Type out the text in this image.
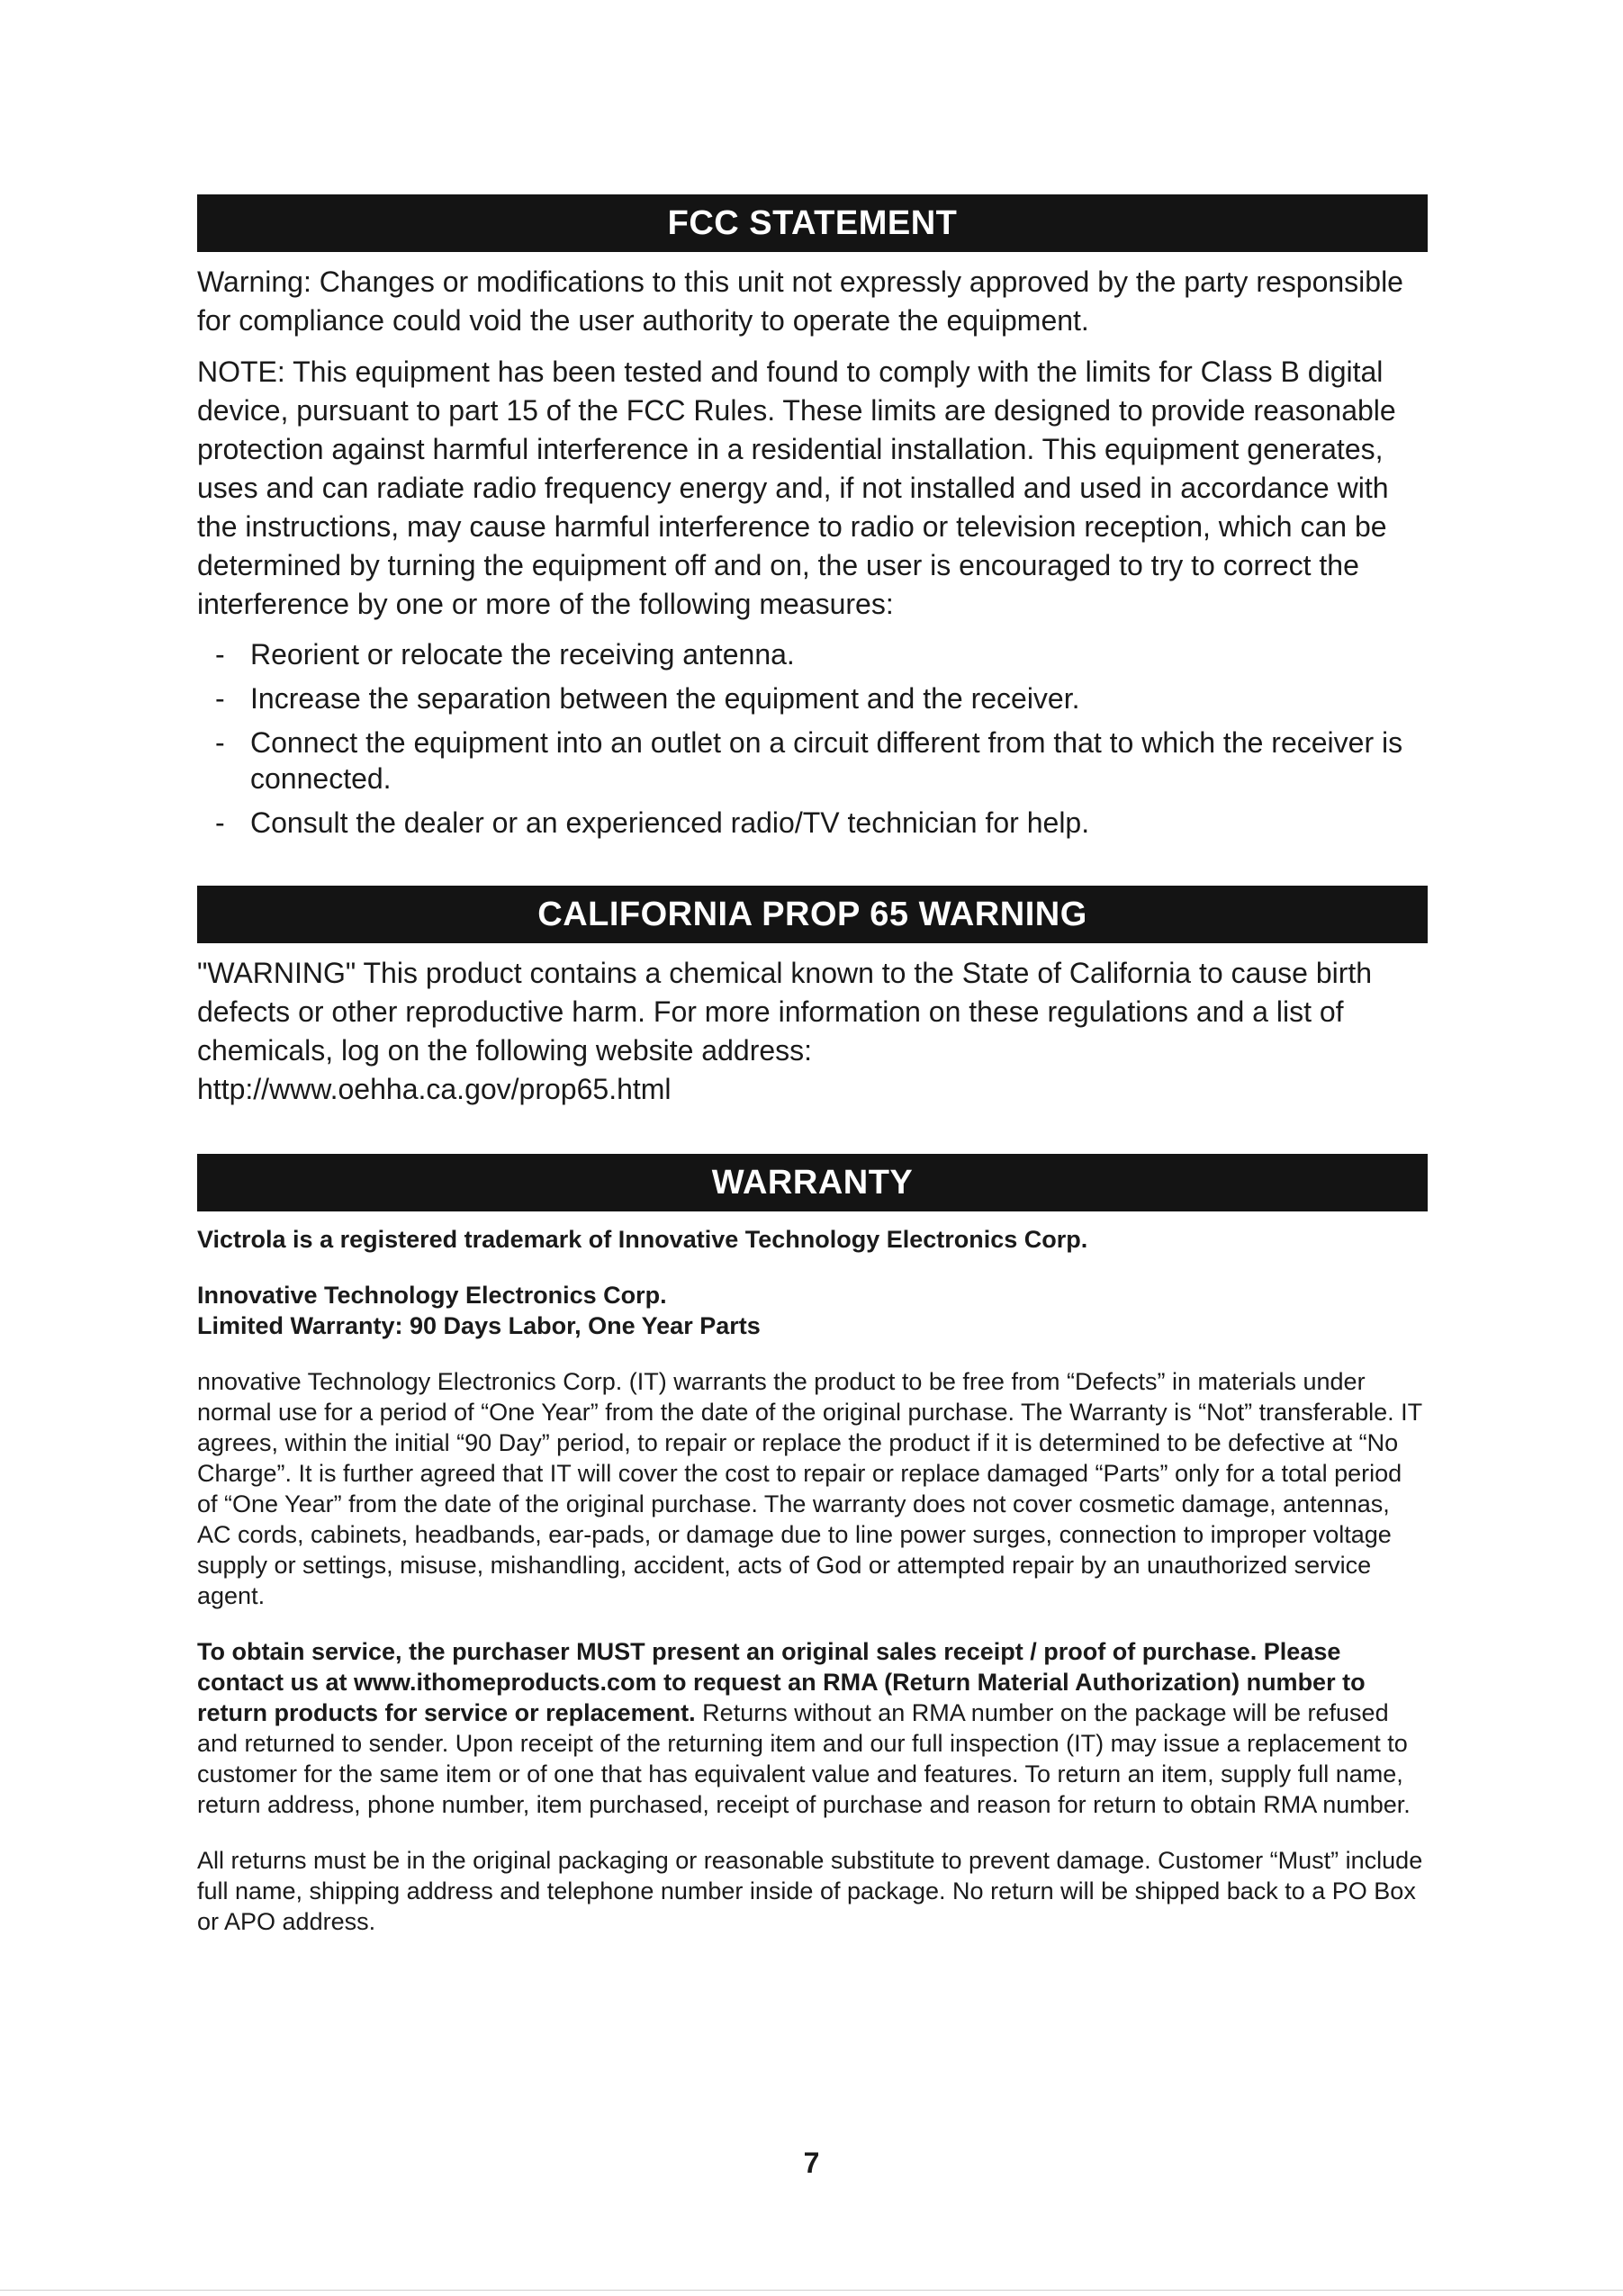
FCC STATEMENT

Warning: Changes or modifications to this unit not expressly approved by the party responsible for compliance could void the user authority to operate the equipment.

NOTE: This equipment has been tested and found to comply with the limits for Class B digital device, pursuant to part 15 of the FCC Rules. These limits are designed to provide reasonable protection against harmful interference in a residential installation. This equipment generates, uses and can radiate radio frequency energy and, if not installed and used in accordance with the instructions, may cause harmful interference to radio or television reception, which can be determined by turning the equipment off and on, the user is encouraged to try to correct the interference by one or more of the following measures:

- Reorient or relocate the receiving antenna.
- Increase the separation between the equipment and the receiver.
- Connect the equipment into an outlet on a circuit different from that to which the receiver is connected.
- Consult the dealer or an experienced radio/TV technician for help.
CALIFORNIA PROP 65 WARNING

"WARNING" This product contains a chemical known to the State of California to cause birth defects or other reproductive harm. For more information on these regulations and a list of chemicals, log on the following website address:
http://www.oehha.ca.gov/prop65.html

WARRANTY

Victrola is a registered trademark of Innovative Technology Electronics Corp.

Innovative Technology Electronics Corp.
Limited Warranty: 90 Days Labor, One Year Parts

nnovative Technology Electronics Corp. (IT) warrants the product to be free from “Defects” in materials under normal use for a period of “One Year” from the date of the original purchase. The Warranty is “Not” transferable. IT agrees, within the initial “90 Day” period, to repair or replace the product if it is determined to be defective at “No Charge”. It is further agreed that IT will cover the cost to repair or replace damaged “Parts” only for a total period of “One Year” from the date of the original purchase. The warranty does not cover cosmetic damage, antennas, AC cords, cabinets, headbands, ear-pads, or damage due to line power surges, connection to improper voltage supply or settings, misuse, mishandling, accident, acts of God or attempted repair by an unauthorized service agent.

To obtain service, the purchaser MUST present an original sales receipt / proof of purchase. Please contact us at www.ithomeproducts.com to request an RMA (Return Material Authorization) number to return products for service or replacement. Returns without an RMA number on the package will be refused and returned to sender. Upon receipt of the returning item and our full inspection (IT) may issue a replacement to customer for the same item or of one that has equivalent value and features. To return an item, supply full name, return address, phone number, item purchased, receipt of purchase and reason for return to obtain RMA number.

All returns must be in the original packaging or reasonable substitute to prevent damage. Customer “Must” include full name, shipping address and telephone number inside of package. No return will be shipped back to a PO Box or APO address.

7
